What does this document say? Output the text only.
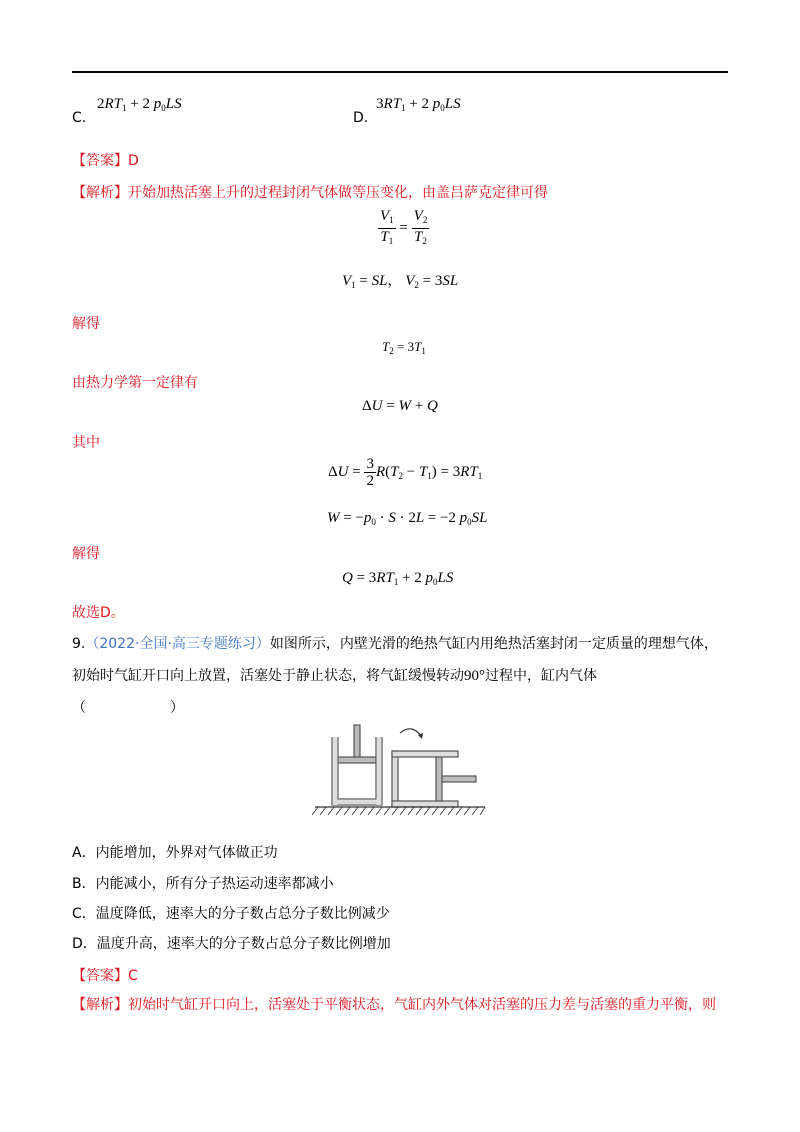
C.
$2RT_1 + 2$ $p_0LS$
D.
$3RT_1 + 2$ $p_0LS$
【答案】D
【解析】开始加热活塞上升的过程封闭气体做等压变化，由盖吕萨克定律可得
$\frac{V_1}{T_1} = \frac{V_2}{T_2}$
$V_1$ = SL， $V_2 = 3SL$
解得
$T_2 = 3T_1$
由热力学第一定律有
ΔU = W + Q
其中
$\Delta U = \frac{3}{2} R(T_2 - T_1) = 3RT_1$
$W = -p_0 \cdot S \cdot 2L = -2$ $p_0SL$
解得
$Q = 3RT_1 + 2$ $p_0LS$
故选D。
9.（2022·全国·高三专题练习）如图所示，内壁光滑的绝热气缸内用绝热活塞封闭一定质量的理想气体，
初始时气缸开口向上放置，活塞处于静止状态，将气缸缓慢转动90°过程中，缸内气体
（　　　　　　）
A．内能增加，外界对气体做正功
B．内能减小，所有分子热运动速率都减小
C．温度降低，速率大的分子数占总分子数比例减少
D．温度升高，速率大的分子数占总分子数比例增加
【答案】C
【解析】初始时气缸开口向上，活塞处于平衡状态，气缸内外气体对活塞的压力差与活塞的重力平衡，则
